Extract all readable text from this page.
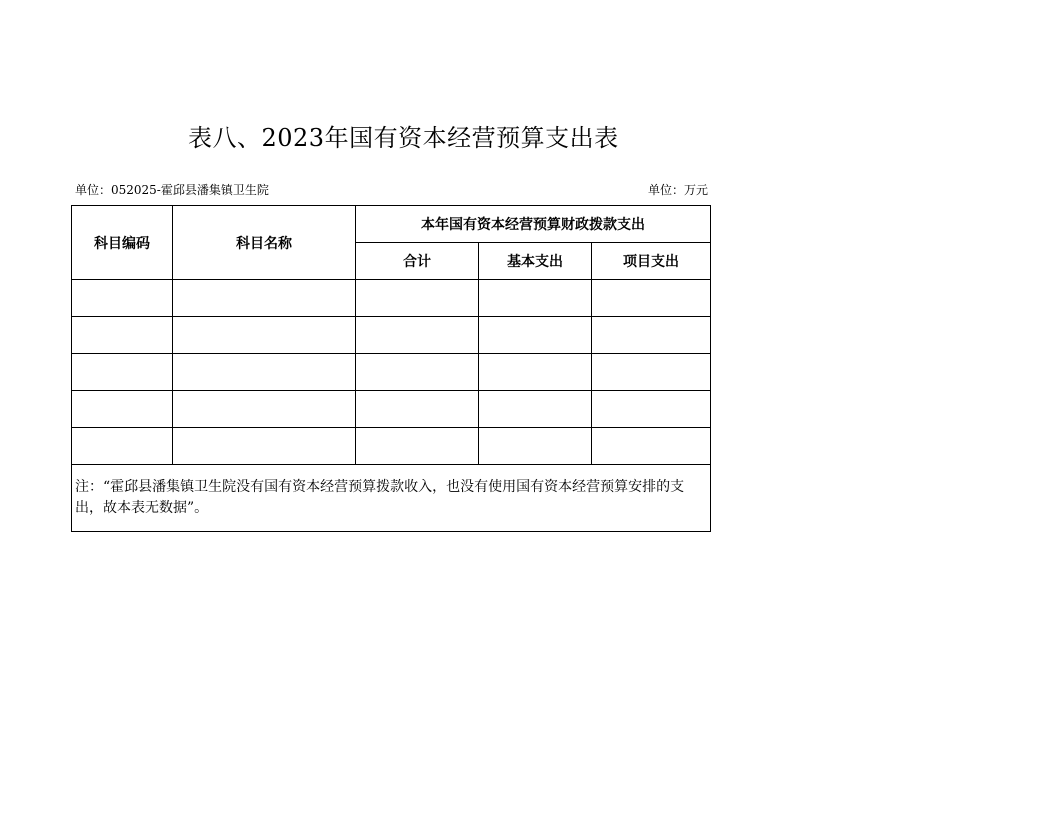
表八、2023年国有资本经营预算支出表
单位：052025-霍邱县潘集镇卫生院	单位：万元
科目编码	科目名称	本年国有资本经营预算财政拨款支出		
		合计	基本支出	项目支出

注：“霍邱县潘集镇卫生院没有国有资本经营预算拨款收入，也没有使用国有资本经营预算安排的支出，故本表无数据”。				
